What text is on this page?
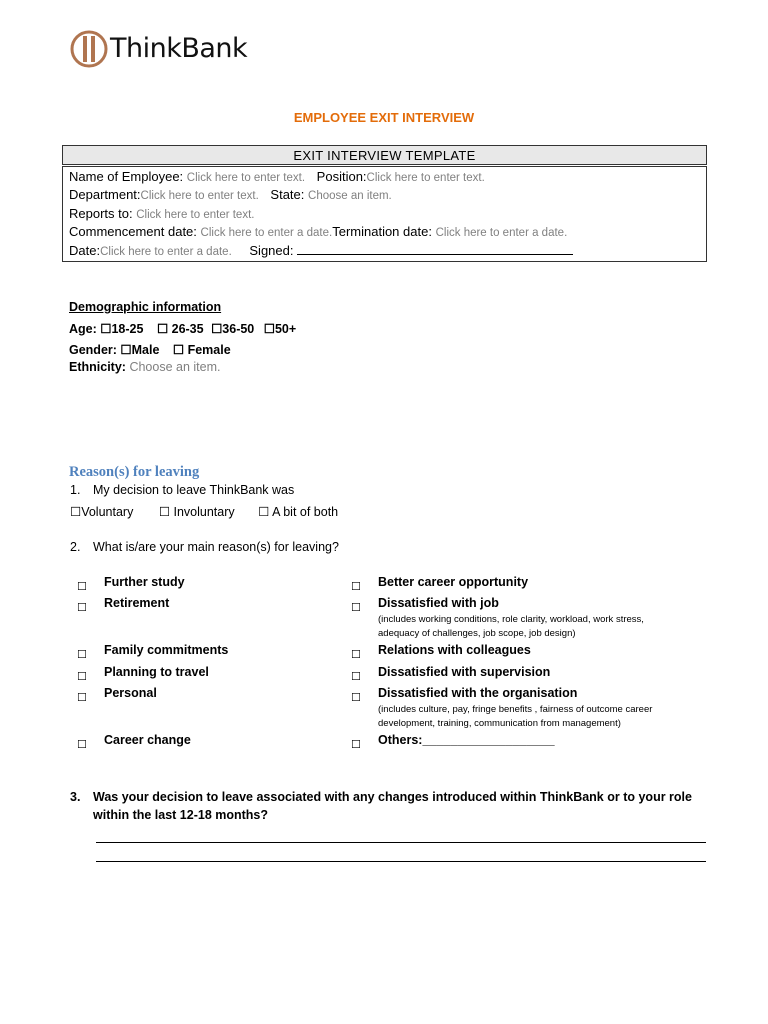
ThinkBank
EMPLOYEE EXIT INTERVIEW
EXIT INTERVIEW TEMPLATE
Name of Employee: Click here to enter text. Position:Click here to enter text.
Department:Click here to enter text. State: Choose an item.
Reports to: Click here to enter text.
Commencement date: Click here to enter a date.Termination date: Click here to enter a date.
Date:Click here to enter a date. Signed:
Demographic information
Age: ☐18-25 ☐ 26-35 ☐36-50 ☐50+
Gender: ☐Male ☐ Female
Ethnicity: Choose an item.
Reason(s) for leaving
1. My decision to leave ThinkBank was
☐Voluntary ☐ Involuntary ☐ A bit of both
2. What is/are your main reason(s) for leaving?
☐ Further study
☐ Retirement
☐ Family commitments
☐ Planning to travel
☐ Personal
☐ Career change
☐ Better career opportunity
☐ Dissatisfied with job
(includes working conditions, role clarity, workload, work stress,
adequacy of challenges, job scope, job design)
☐ Relations with colleagues
☐ Dissatisfied with supervision
☐ Dissatisfied with the organisation
(includes culture, pay, fringe benefits , fairness of outcome career
development, training, communication from management)
☐ Others:___________________
3. Was your decision to leave associated with any changes introduced within ThinkBank or to your role
within the last 12-18 months?
